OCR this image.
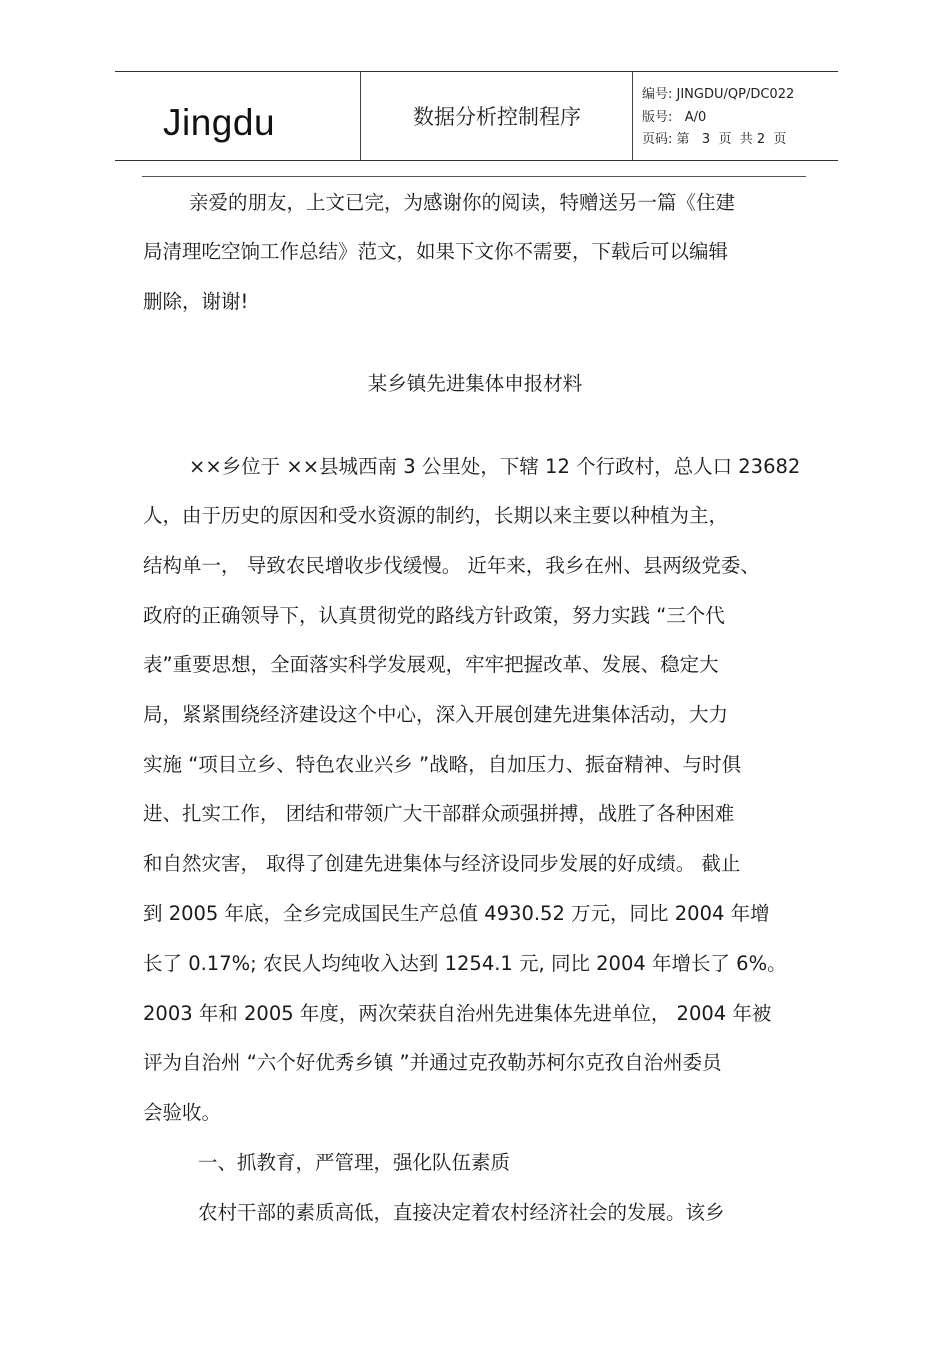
Jingdu	数据分析控制程序
编号: JINGDU/QP/DC022
版号:   A/0
页码: 第   3  页  共 2  页
亲爱的朋友，上文已完，为感谢你的阅读，特赠送另一篇《住建
局清理吃空饷工作总结》范文，如果下文你不需要，下载后可以编辑
删除，谢谢!
某乡镇先进集体申报材料
××乡位于 ××县城西南 3 公里处，下辖 12 个行政村，总人口 23682
人，由于历史的原因和受水资源的制约，长期以来主要以种植为主，
结构单一， 导致农民增收步伐缓慢。 近年来，我乡在州、县两级党委、
政府的正确领导下，认真贯彻党的路线方针政策，努力实践 “三个代
表”重要思想，全面落实科学发展观，牢牢把握改革、发展、稳定大
局，紧紧围绕经济建设这个中心，深入开展创建先进集体活动，大力
实施 “项目立乡、特色农业兴乡 ”战略，自加压力、振奋精神、与时俱
进、扎实工作， 团结和带领广大干部群众顽强拼搏，战胜了各种困难
和自然灾害， 取得了创建先进集体与经济设同步发展的好成绩。 截止
到 2005 年底，全乡完成国民生产总值 4930.52 万元，同比 2004 年增
长了 0.17%; 农民人均纯收入达到 1254.1 元, 同比 2004 年增长了 6%。
2003 年和 2005 年度，两次荣获自治州先进集体先进单位， 2004 年被
评为自治州 “六个好优秀乡镇 ”并通过克孜勒苏柯尔克孜自治州委员
会验收。
一、抓教育，严管理，强化队伍素质
农村干部的素质高低，直接决定着农村经济社会的发展。该乡
